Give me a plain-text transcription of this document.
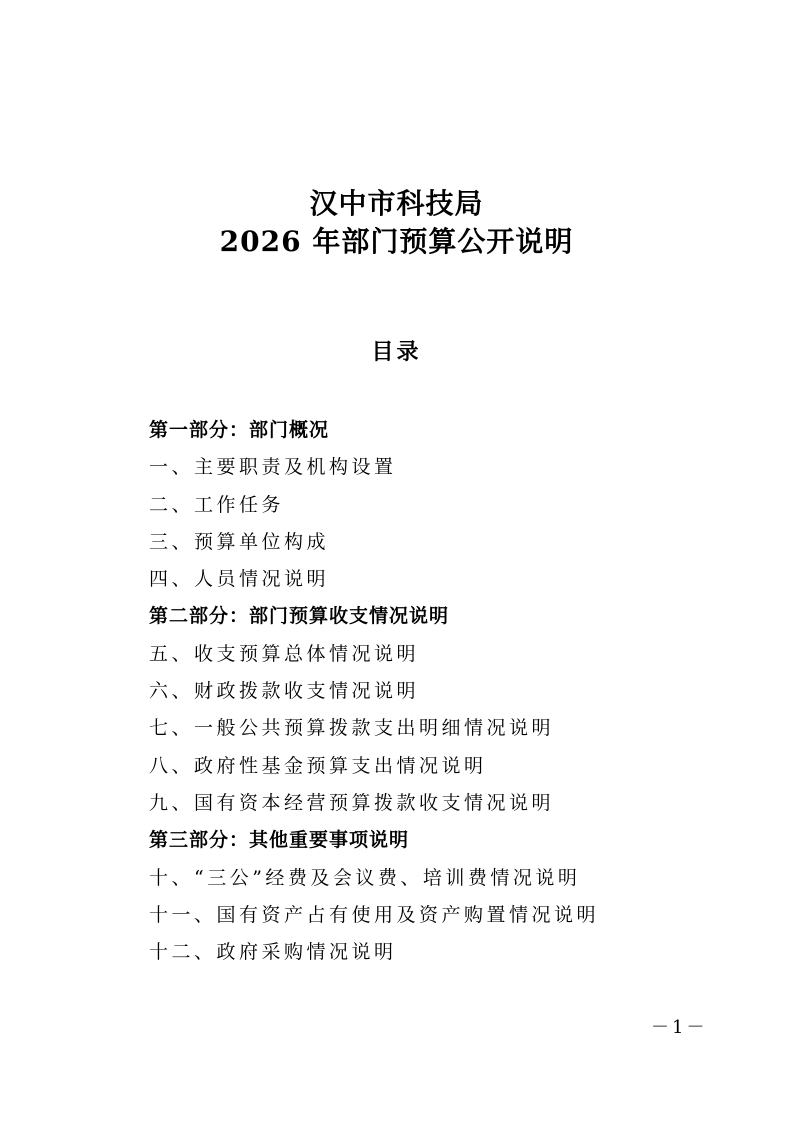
汉中市科技局
2026 年部门预算公开说明
目录
第一部分：部门概况
一、主要职责及机构设置
二、工作任务
三、预算单位构成
四、人员情况说明
第二部分：部门预算收支情况说明
五、收支预算总体情况说明
六、财政拨款收支情况说明
七、一般公共预算拨款支出明细情况说明
八、政府性基金预算支出情况说明
九、国有资本经营预算拨款收支情况说明
第三部分：其他重要事项说明
十、“三公”经费及会议费、培训费情况说明
十一、国有资产占有使用及资产购置情况说明
十二、政府采购情况说明
－1－
